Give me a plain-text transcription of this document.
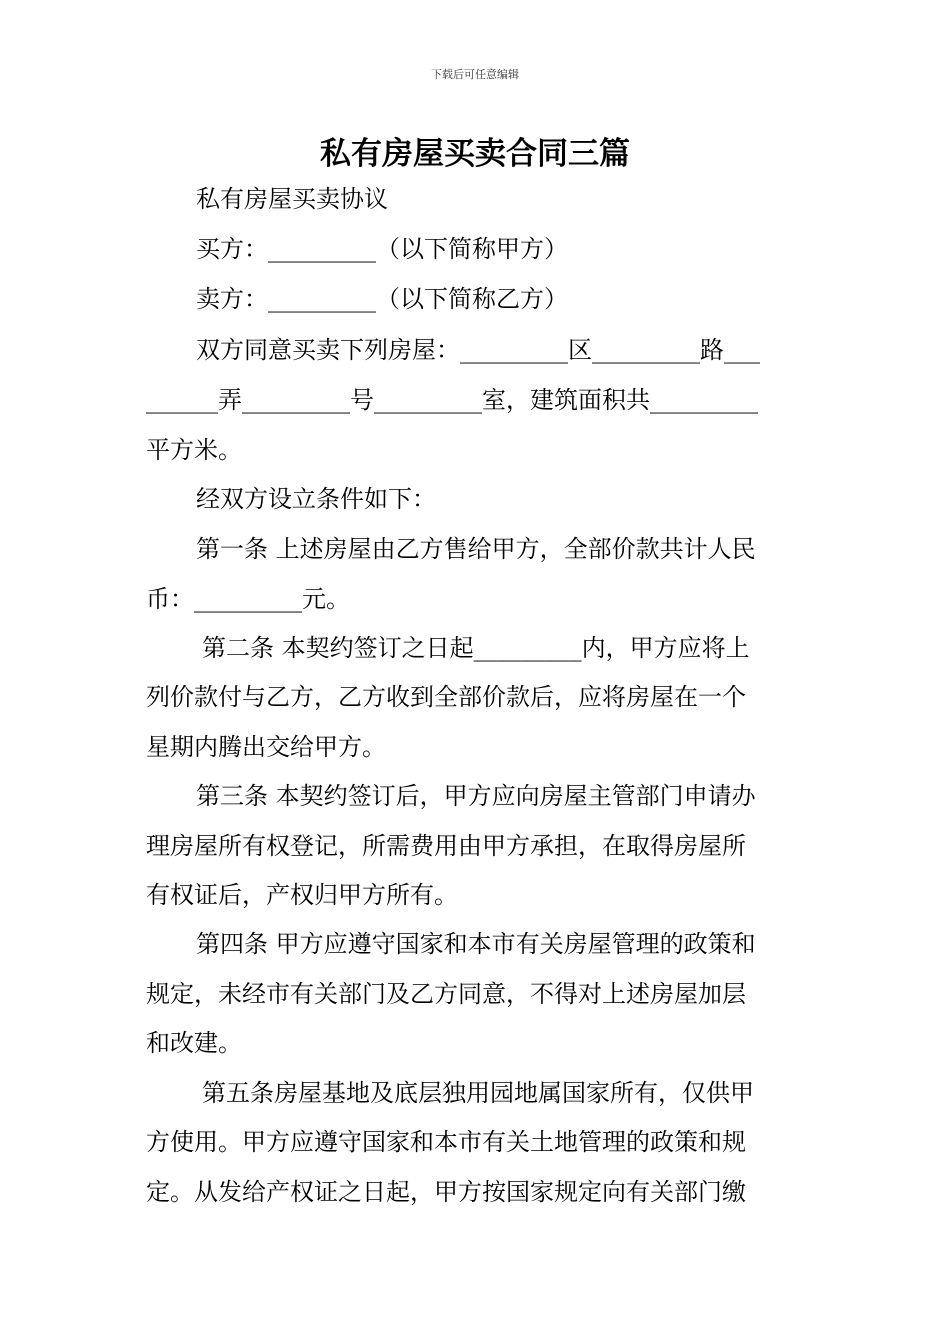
下载后可任意编辑
私有房屋买卖合同三篇
私有房屋买卖协议
买方：_________（以下简称甲方）
卖方：_________（以下简称乙方）
双方同意买卖下列房屋：_________区_________路___
______弄_________号_________室，建筑面积共_________
平方米。
经双方设立条件如下：
第一条 上述房屋由乙方售给甲方，全部价款共计人民
币：_________元。
第二条 本契约签订之日起_________内，甲方应将上
列价款付与乙方，乙方收到全部价款后，应将房屋在一个
星期内腾出交给甲方。
第三条 本契约签订后，甲方应向房屋主管部门申请办
理房屋所有权登记，所需费用由甲方承担，在取得房屋所
有权证后，产权归甲方所有。
第四条 甲方应遵守国家和本市有关房屋管理的政策和
规定，未经市有关部门及乙方同意，不得对上述房屋加层
和改建。
第五条房屋基地及底层独用园地属国家所有，仅供甲
方使用。甲方应遵守国家和本市有关土地管理的政策和规
定。从发给产权证之日起，甲方按国家规定向有关部门缴
